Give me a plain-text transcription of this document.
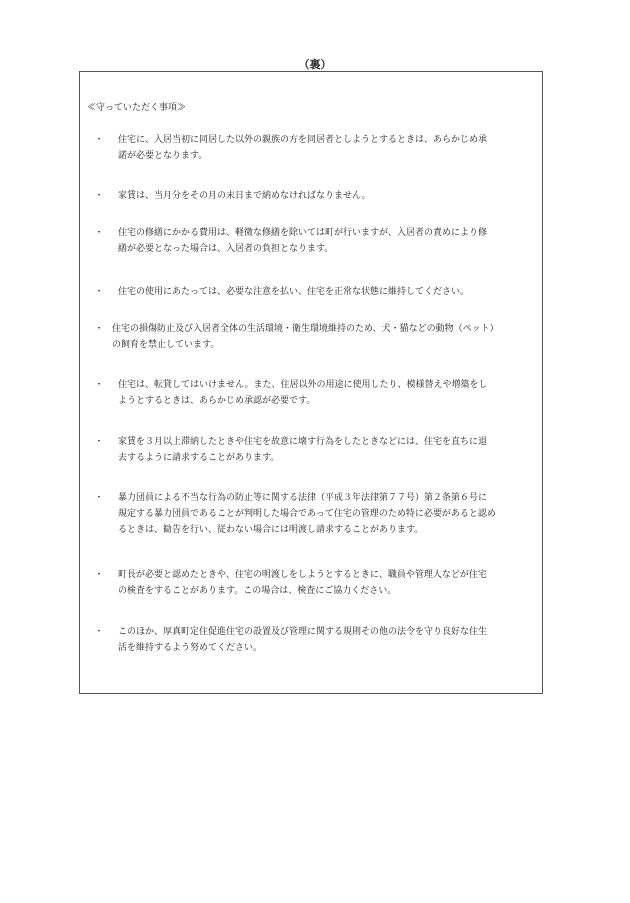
（裏）
≪守っていただく事項≫
・ 住宅に、入居当初に同居した以外の親族の方を同居者としようとするときは、あらかじめ承
諾が必要となります。
・ 家賃は、当月分をその月の末日まで納めなければなりません。
・ 住宅の修繕にかかる費用は、軽微な修繕を除いては町が行いますが、入居者の責めにより修
繕が必要となった場合は、入居者の負担となります。
・ 住宅の使用にあたっては、必要な注意を払い、住宅を正常な状態に維持してください。
・ 住宅の損傷防止及び入居者全体の生活環境・衛生環境維持のため、犬・猫などの動物（ペット）
の飼育を禁止しています。
・ 住宅は、転貸してはいけません。また、住居以外の用途に使用したり、模様替えや増築をし
ようとするときは、あらかじめ承認が必要です。
・ 家賃を３月以上滞納したときや住宅を故意に壊す行為をしたときなどには、住宅を直ちに退
去するように請求することがあります。
・ 暴力団員による不当な行為の防止等に関する法律（平成３年法律第７７号）第２条第６号に
規定する暴力団員であることが判明した場合であって住宅の管理のため特に必要があると認め
るときは、勧告を行い、従わない場合には明渡し請求することがあります。
・ 町長が必要と認めたときや、住宅の明渡しをしようとするときに、職員や管理人などが住宅
の検査をすることがあります。この場合は、検査にご協力ください。
・ このほか、厚真町定住促進住宅の設置及び管理に関する規則その他の法令を守り良好な住生
活を維持するよう努めてください。
